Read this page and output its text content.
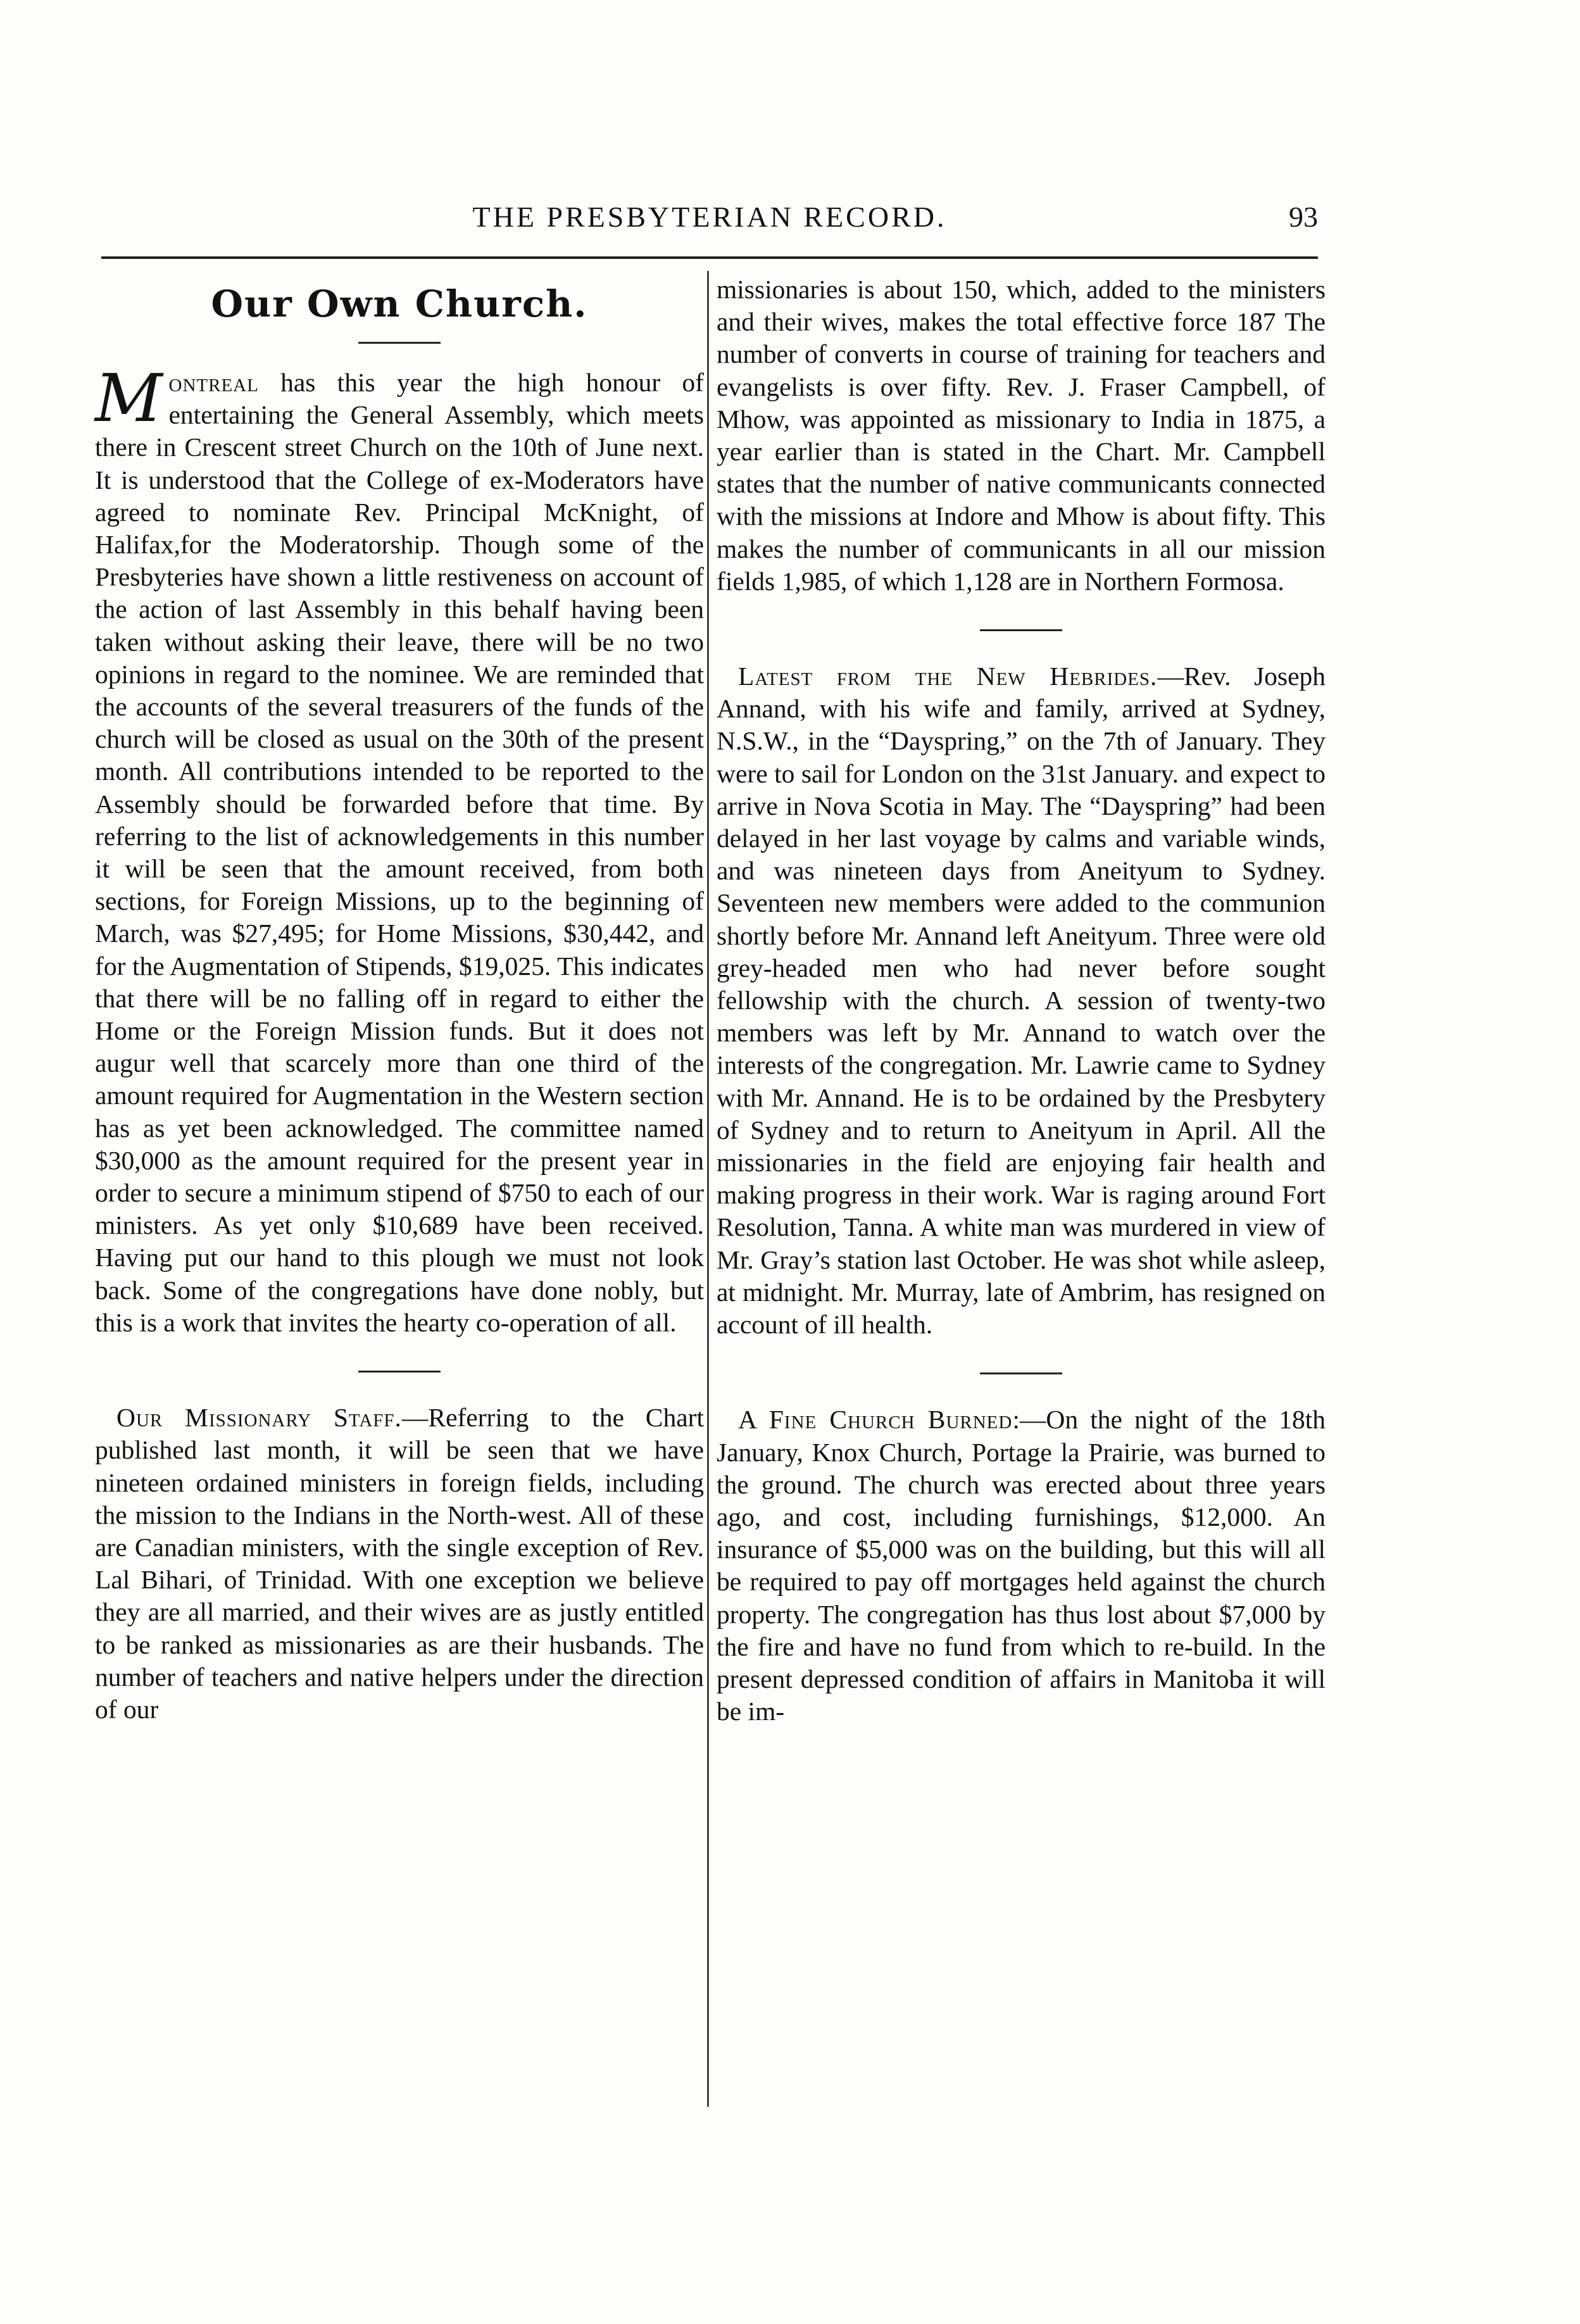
THE PRESBYTERIAN RECORD.	93
Our Own Church.

Montreal has this year the high honour of entertaining the General Assembly, which meets there in Crescent street Church on the 10th of June next. It is understood that the College of ex-Moderators have agreed to nominate Rev. Principal McKnight, of Halifax,for the Moderatorship. Though some of the Presbyteries have shown a little restiveness on account of the action of last Assembly in this behalf having been taken without asking their leave, there will be no two opinions in regard to the nominee. We are reminded that the accounts of the several treasurers of the funds of the church will be closed as usual on the 30th of the present month. All contributions intended to be reported to the Assembly should be forwarded before that time. By referring to the list of acknowledgements in this number it will be seen that the amount received, from both sections, for Foreign Missions, up to the beginning of March, was $27,495; for Home Missions, $30,442, and for the Augmentation of Stipends, $19,025. This indicates that there will be no falling off in regard to either the Home or the Foreign Mission funds. But it does not augur well that scarcely more than one third of the amount required for Augmentation in the Western section has as yet been acknowledged. The committee named $30,000 as the amount required for the present year in order to secure a minimum stipend of $750 to each of our ministers. As yet only $10,689 have been received. Having put our hand to this plough we must not look back. Some of the congregations have done nobly, but this is a work that invites the hearty co-operation of all.

Our Missionary Staff.—Referring to the Chart published last month, it will be seen that we have nineteen ordained ministers in foreign fields, including the mission to the Indians in the North-west. All of these are Canadian ministers, with the single exception of Rev. Lal Bihari, of Trinidad. With one exception we believe they are all married, and their wives are as justly entitled to be ranked as missionaries as are their husbands. The number of teachers and native helpers under the direction of our

missionaries is about 150, which, added to the ministers and their wives, makes the total effective force 187 The number of converts in course of training for teachers and evangelists is over fifty. Rev. J. Fraser Campbell, of Mhow, was appointed as missionary to India in 1875, a year earlier than is stated in the Chart. Mr. Campbell states that the number of native communicants connected with the missions at Indore and Mhow is about fifty. This makes the number of communicants in all our mission fields 1,985, of which 1,128 are in Northern Formosa.

Latest from the New Hebrides.—Rev. Joseph Annand, with his wife and family, arrived at Sydney, N.S.W., in the “Dayspring,” on the 7th of January. They were to sail for London on the 31st January. and expect to arrive in Nova Scotia in May. The “Dayspring” had been delayed in her last voyage by calms and variable winds, and was nineteen days from Aneityum to Sydney. Seventeen new members were added to the communion shortly before Mr. Annand left Aneityum. Three were old grey-headed men who had never before sought fellowship with the church. A session of twenty-two members was left by Mr. Annand to watch over the interests of the congregation. Mr. Lawrie came to Sydney with Mr. Annand. He is to be ordained by the Presbytery of Sydney and to return to Aneityum in April. All the missionaries in the field are enjoying fair health and making progress in their work. War is raging around Fort Resolution, Tanna. A white man was murdered in view of Mr. Gray’s station last October. He was shot while asleep, at midnight. Mr. Murray, late of Ambrim, has resigned on account of ill health.

A Fine Church Burned:—On the night of the 18th January, Knox Church, Portage la Prairie, was burned to the ground. The church was erected about three years ago, and cost, including furnishings, $12,000. An insurance of $5,000 was on the building, but this will all be required to pay off mortgages held against the church property. The congregation has thus lost about $7,000 by the fire and have no fund from which to re-build. In the present depressed condition of affairs in Manitoba it will be im-
